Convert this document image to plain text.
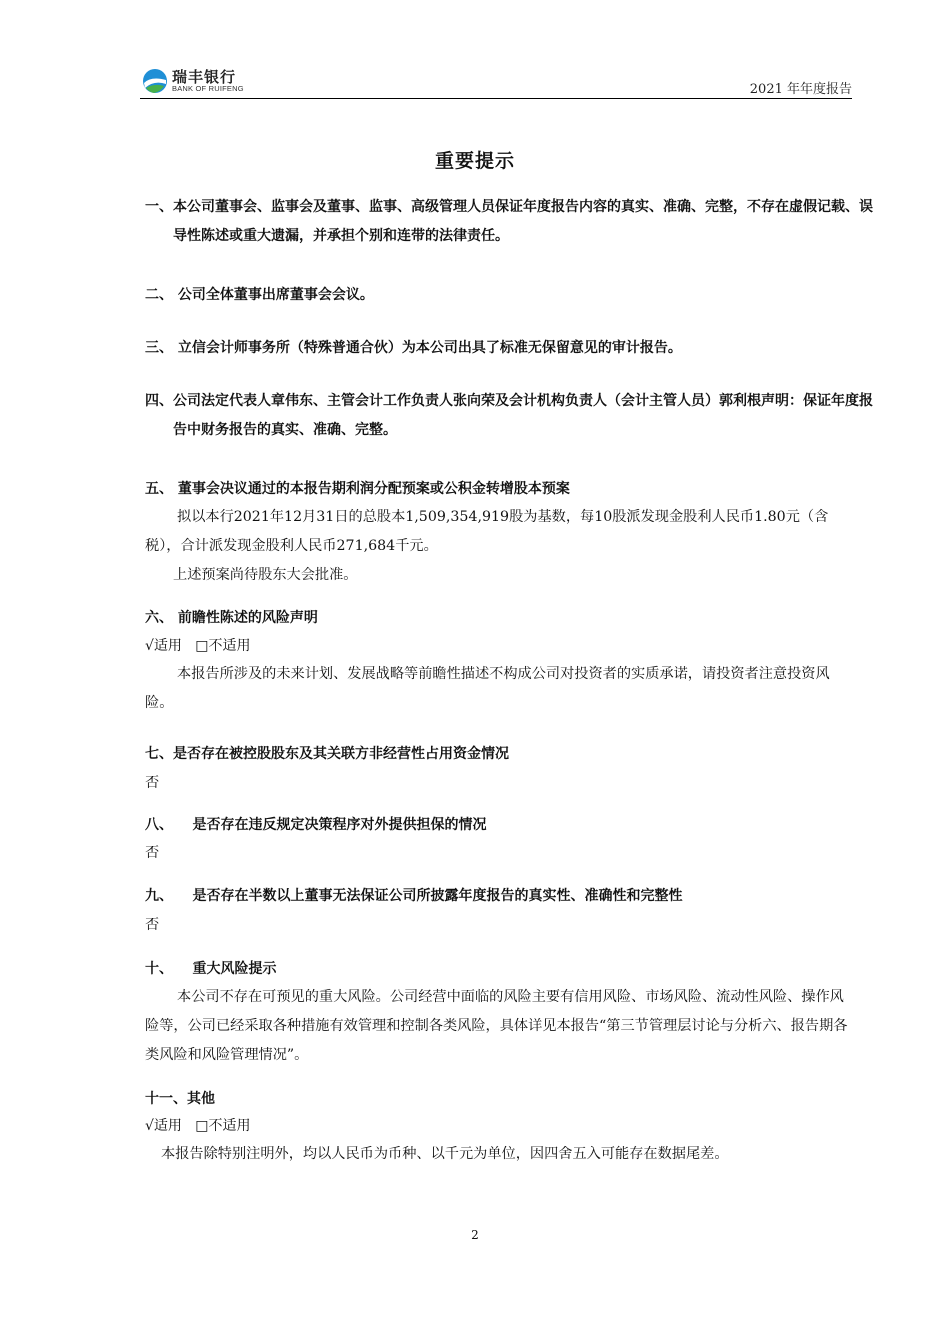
瑞丰银行
BANK OF RUIFENG	2021 年年度报告
重要提示
一、本公司董事会、监事会及董事、监事、高级管理人员保证年度报告内容的真实、准确、完整，不存在虚假记载、误导性陈述或重大遗漏，并承担个别和连带的法律责任。
二、 公司全体董事出席董事会会议。
三、 立信会计师事务所（特殊普通合伙）为本公司出具了标准无保留意见的审计报告。
四、公司法定代表人章伟东、主管会计工作负责人张向荣及会计机构负责人（会计主管人员）郭利根声明：保证年度报告中财务报告的真实、准确、完整。
五、 董事会决议通过的本报告期利润分配预案或公积金转增股本预案
拟以本行2021年12月31日的总股本1,509,354,919股为基数，每10股派发现金股利人民币1.80元（含税），合计派发现金股利人民币271,684千元。
上述预案尚待股东大会批准。
六、 前瞻性陈述的风险声明
√适用   □不适用
本报告所涉及的未来计划、发展战略等前瞻性描述不构成公司对投资者的实质承诺，请投资者注意投资风险。
七、是否存在被控股股东及其关联方非经营性占用资金情况
否
八、    是否存在违反规定决策程序对外提供担保的情况
否
九、    是否存在半数以上董事无法保证公司所披露年度报告的真实性、准确性和完整性
否
十、    重大风险提示
本公司不存在可预见的重大风险。公司经营中面临的风险主要有信用风险、市场风险、流动性风险、操作风险等，公司已经采取各种措施有效管理和控制各类风险，具体详见本报告“第三节管理层讨论与分析六、报告期各类风险和风险管理情况”。
十一、其他
√适用   □不适用
本报告除特别注明外，均以人民币为币种、以千元为单位，因四舍五入可能存在数据尾差。
2
